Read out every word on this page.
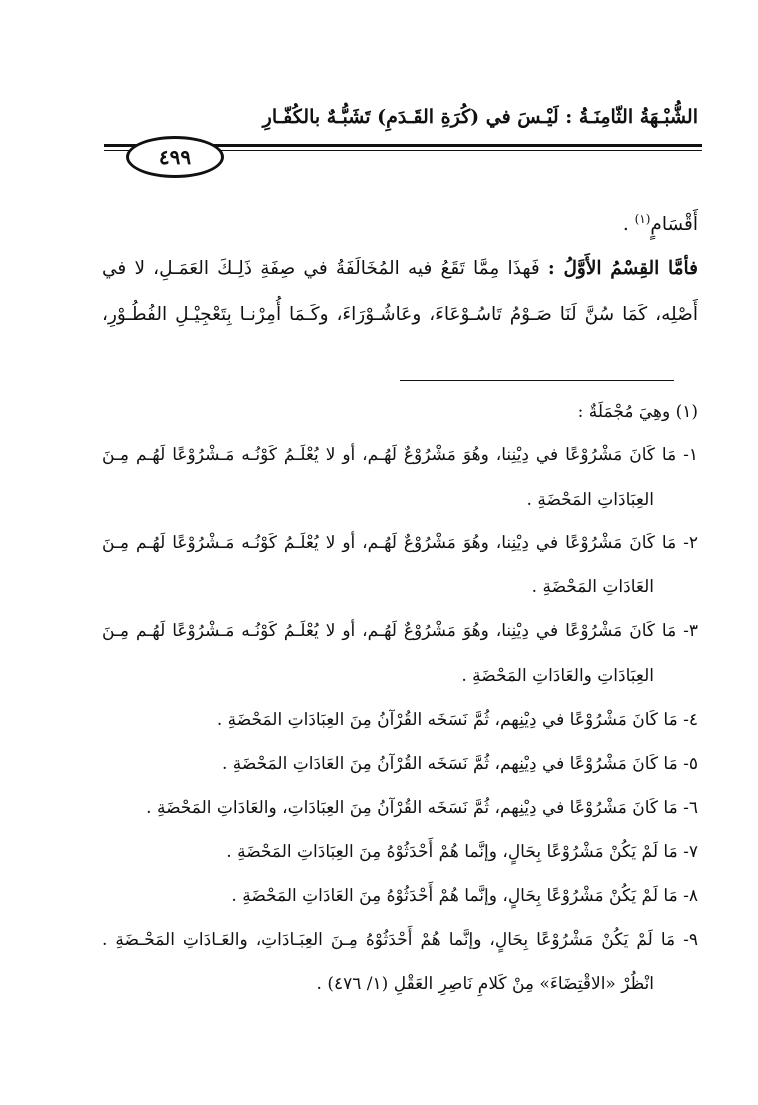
الشُّبْـهَةُ الثّامِنَـةُ : لَيْـسَ في (كُرَةِ القَـدَمِ) تَشَبُّـهٌ بالكُفّـارِ
٤٩٩
أَقْسَامٍ$^{(١)}$ .
فأمَّا القِسْمُ الأَوَّلُ : فَهذَا مِمَّا تَقَعُ فيه المُخَالَفَةُ في صِفَةِ ذَلِـكَ العَمَـلِ، لا في
أَصْلِه، كَمَا سُنَّ لَنَا صَـوْمُ تَاسُـوْعَاءَ، وعَاشُـوْرَاءَ، وكَـمَا أُمِرْنـا بِتَعْجِيْـلِ الفُطُـوْرِ،
(١) وهِيَ مُجْمَلَةٌ :
١- مَا كَانَ مَشْرُوْعًا في دِيْنِنا، وهُوَ مَشْرُوْعٌ لَهُـم، أو لا يُعْلَـمُ كَوْنُـه مَـشْرُوْعًا لَهُـم مِـنَ
العِبَادَاتِ المَحْضَةِ .
٢- مَا كَانَ مَشْرُوْعًا في دِيْنِنا، وهُوَ مَشْرُوْعٌ لَهُـم، أو لا يُعْلَـمُ كَوْنُـه مَـشْرُوْعًا لَهُـم مِـنَ
العَادَاتِ المَحْضَةِ .
٣- مَا كَانَ مَشْرُوْعًا في دِيْنِنا، وهُوَ مَشْرُوْعٌ لَهُـم، أو لا يُعْلَـمُ كَوْنُـه مَـشْرُوْعًا لَهُـم مِـنَ
العِبَادَاتِ والعَادَاتِ المَحْضَةِ .
٤- مَا كَانَ مَشْرُوْعًا في دِيْنِهم، ثُمَّ نَسَخَه القُرْآنُ مِنَ العِبَادَاتِ المَحْضَةِ .
٥- مَا كَانَ مَشْرُوْعًا في دِيْنِهم، ثُمَّ نَسَخَه القُرْآنُ مِنَ العَادَاتِ المَحْضَةِ .
٦- مَا كَانَ مَشْرُوْعًا في دِيْنِهم، ثُمَّ نَسَخَه القُرْآنُ مِنَ العِبَادَاتِ، والعَادَاتِ المَحْضَةِ .
٧- مَا لَمْ يَكُنْ مَشْرُوْعًا بِحَالٍ، وإنَّما هُمْ أَحْدَثُوْهُ مِنَ العِبَادَاتِ المَحْضَةِ .
٨- مَا لَمْ يَكُنْ مَشْرُوْعًا بِحَالٍ، وإنَّما هُمْ أَحْدَثُوْهُ مِنَ العَادَاتِ المَحْضَةِ .
٩- مَا لَمْ يَكُنْ مَشْرُوْعًا بِحَالٍ، وإنَّما هُمْ أَحْدَثُوْهُ مِـنَ العِبَـادَاتِ، والعَـادَاتِ المَحْـضَةِ .
انْظُرْ «الاقْتِضَاءَ» مِنْ كَلامِ نَاصِرِ العَقْلِ (١/ ٤٧٦) .
